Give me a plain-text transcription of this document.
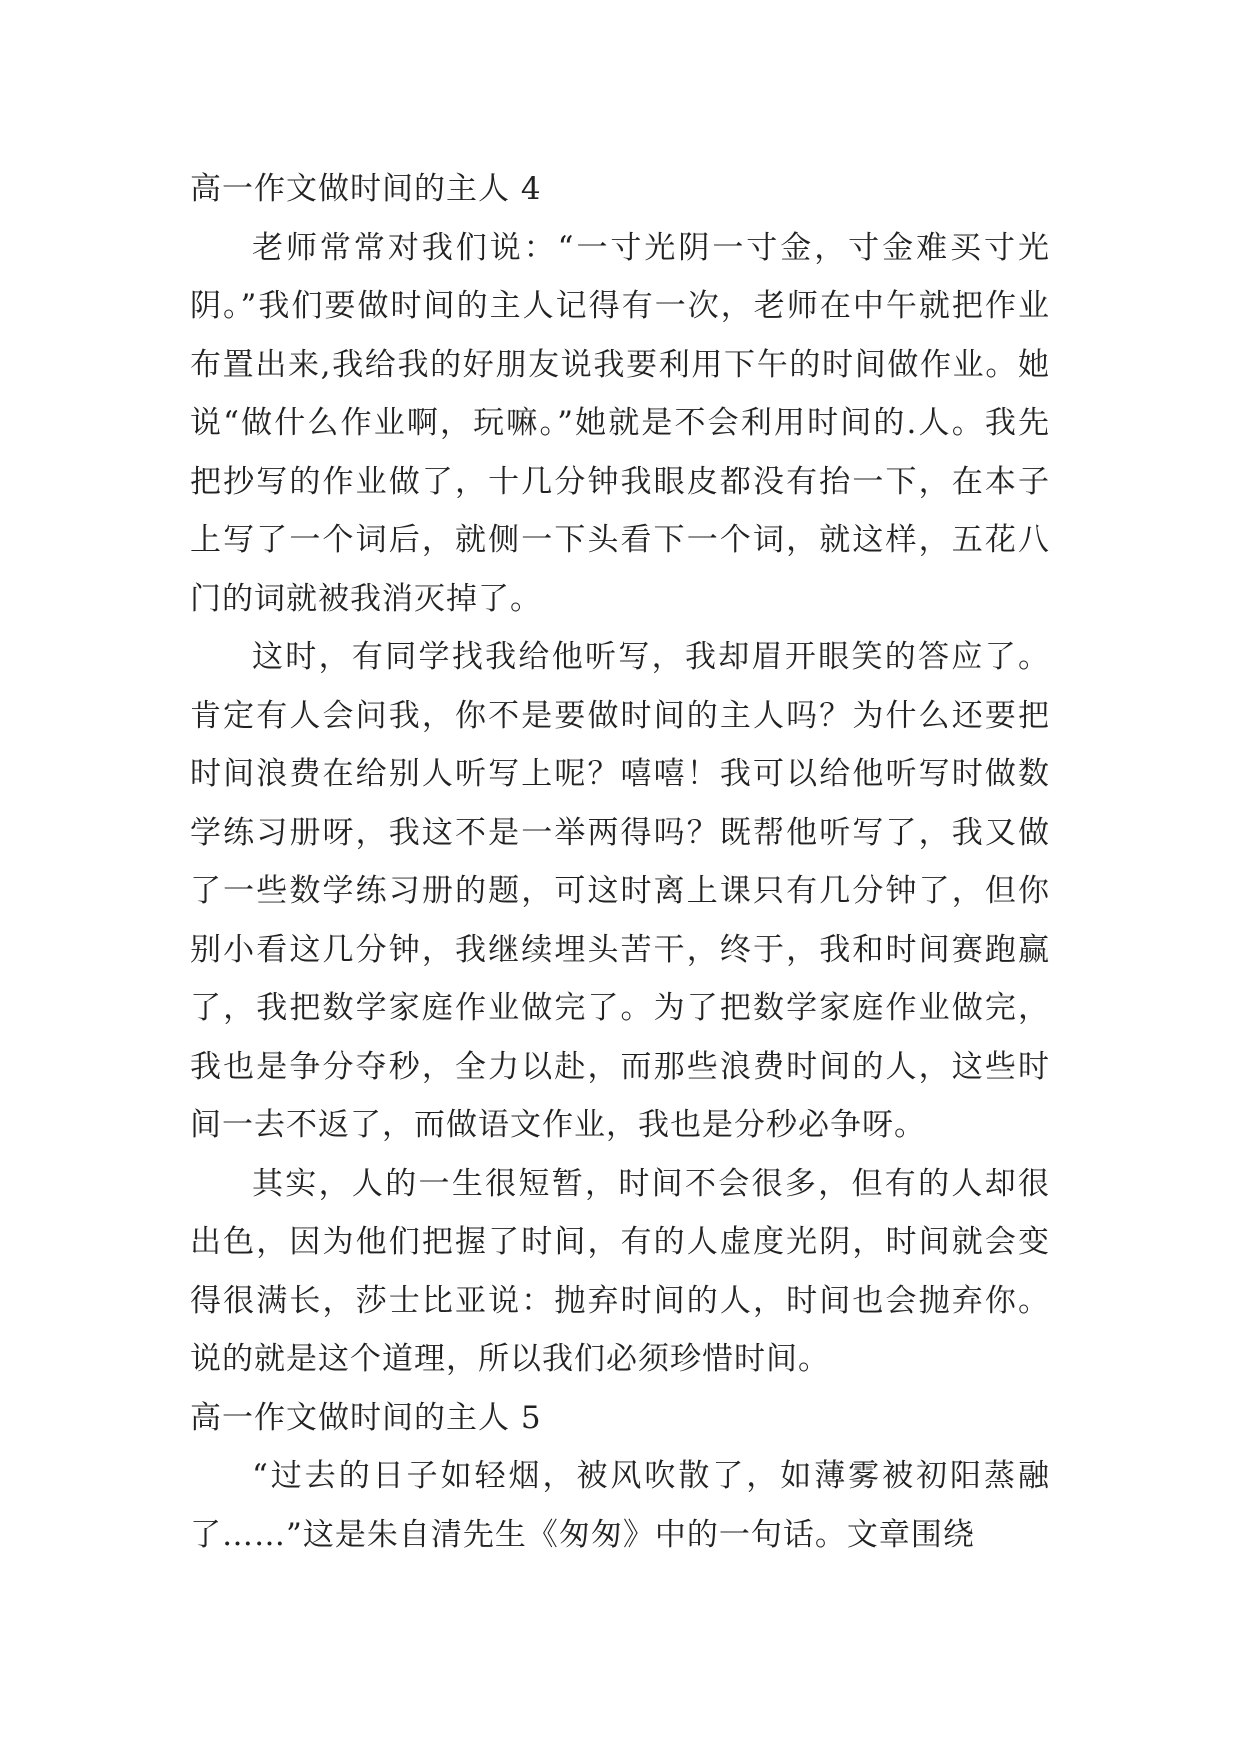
高一作文做时间的主人 4

老师常常对我们说：“一寸光阴一寸金，寸金难买寸光阴。”我们要做时间的主人记得有一次，老师在中午就把作业布置出来,我给我的好朋友说我要利用下午的时间做作业。她说“做什么作业啊，玩嘛。”她就是不会利用时间的.人。我先把抄写的作业做了，十几分钟我眼皮都没有抬一下，在本子上写了一个词后，就侧一下头看下一个词，就这样，五花八门的词就被我消灭掉了。

这时，有同学找我给他听写，我却眉开眼笑的答应了。肯定有人会问我，你不是要做时间的主人吗？为什么还要把时间浪费在给别人听写上呢？嘻嘻！我可以给他听写时做数学练习册呀，我这不是一举两得吗？既帮他听写了，我又做了一些数学练习册的题，可这时离上课只有几分钟了，但你别小看这几分钟，我继续埋头苦干，终于，我和时间赛跑赢了，我把数学家庭作业做完了。为了把数学家庭作业做完，我也是争分夺秒，全力以赴，而那些浪费时间的人，这些时间一去不返了，而做语文作业，我也是分秒必争呀。

其实，人的一生很短暂，时间不会很多，但有的人却很出色，因为他们把握了时间，有的人虚度光阴，时间就会变得很满长，莎士比亚说：抛弃时间的人，时间也会抛弃你。说的就是这个道理，所以我们必须珍惜时间。

高一作文做时间的主人 5

“过去的日子如轻烟，被风吹散了，如薄雾被初阳蒸融了……”这是朱自清先生《匆匆》中的一句话。文章围绕
